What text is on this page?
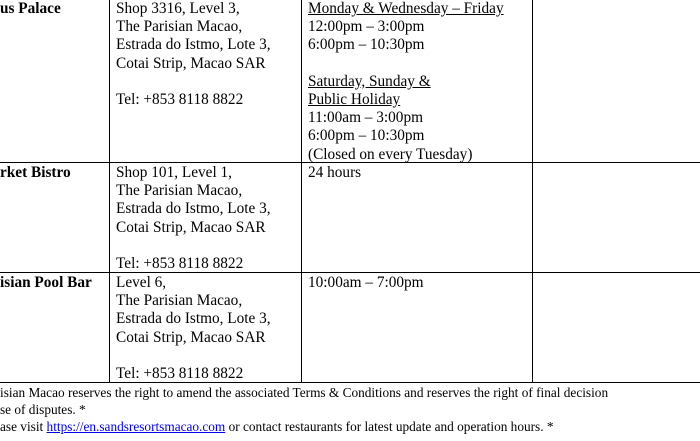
us Palace	Shop 3316, Level 3,
The Parisian Macao,
Estrada do Istmo, Lote 3,
Cotai Strip, Macao SAR
Tel: +853 8118 8822
Monday & Wednesday – Friday
12:00pm – 3:00pm
6:00pm – 10:30pm
Saturday, Sunday &
Public Holiday
11:00am – 3:00pm
6:00pm – 10:30pm
(Closed on every Tuesday)
rket Bistro	Shop 101, Level 1,
The Parisian Macao,
Estrada do Istmo, Lote 3,
Cotai Strip, Macao SAR
Tel: +853 8118 8822
24 hours
isian Pool Bar Level 6,
The Parisian Macao,
Estrada do Istmo, Lote 3,
Cotai Strip, Macao SAR
Tel: +853 8118 8822
10:00am – 7:00pm
isian Macao reserves the right to amend the associated Terms & Conditions and reserves the right of final decision
se of disputes. *
ase visit https://en.sandsresortsmacao.com or contact restaurants for latest update and operation hours. *
